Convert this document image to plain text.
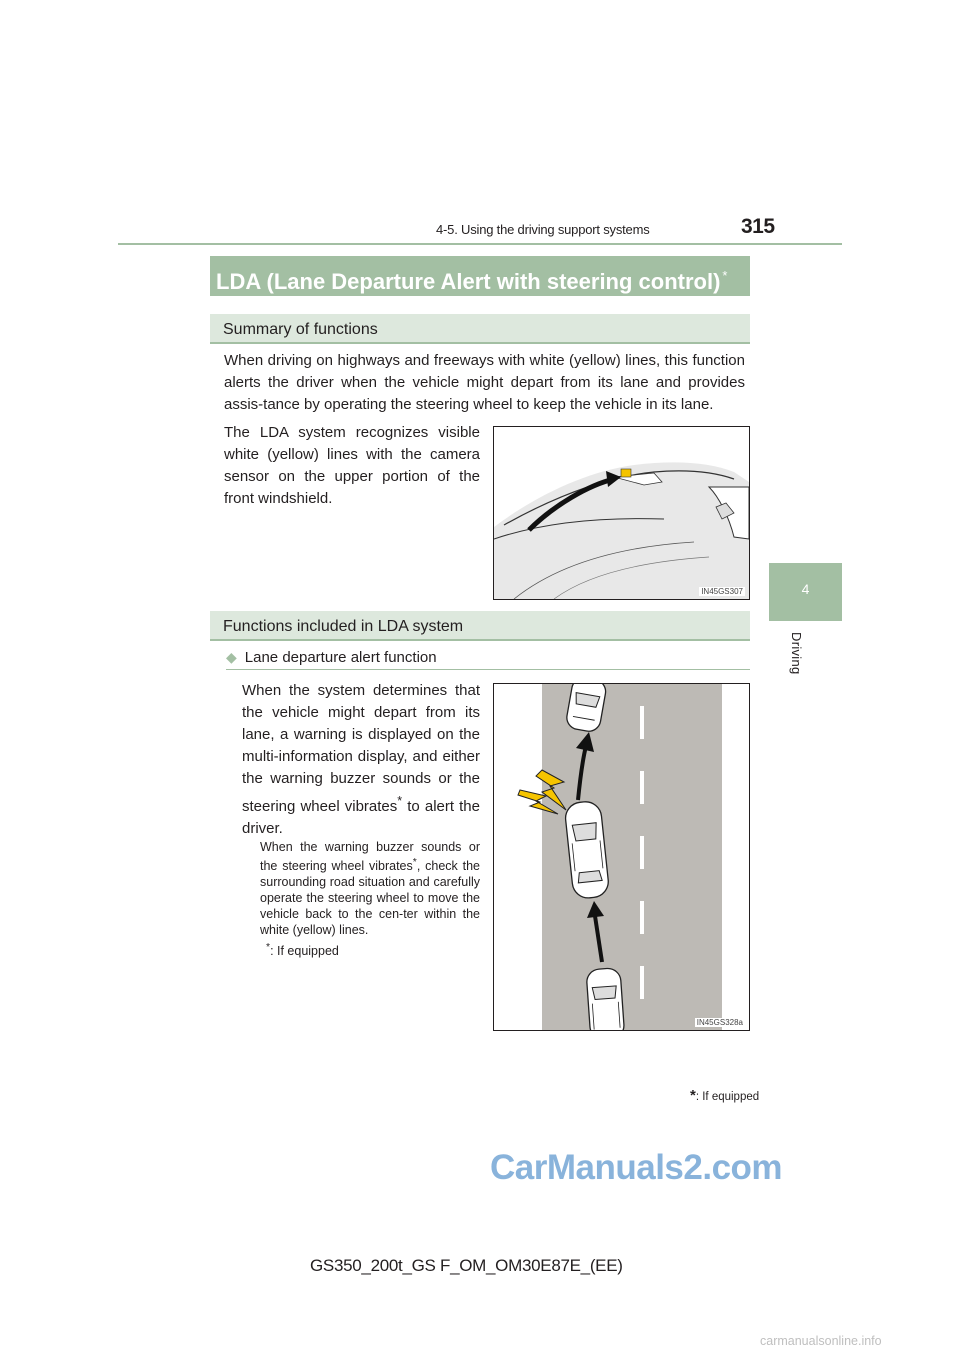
4-5. Using the driving support systems	315
4
Driving
LDA (Lane Departure Alert with steering control) *
Summary of functions
When driving on highways and freeways with white (yellow) lines, this function alerts the driver when the vehicle might depart from its lane and provides assis-tance by operating the steering wheel to keep the vehicle in its lane.
The LDA system recognizes visible white (yellow) lines with the camera sensor on the upper portion of the front windshield.
IN45GS307
Functions included in LDA system
◆ Lane departure alert function
When the system determines that the vehicle might depart from its lane, a warning is displayed on the multi-information display, and either the warning buzzer sounds or the steering wheel vibrates* to alert the driver.
When the warning buzzer sounds or the steering wheel vibrates*, check the surrounding road situation and carefully operate the steering wheel to move the vehicle back to the cen-ter within the white (yellow) lines.
*: If equipped
IN45GS328a
*: If equipped
CarManuals2.com
GS350_200t_GS F_OM_OM30E87E_(EE)
carmanualsonline.info
